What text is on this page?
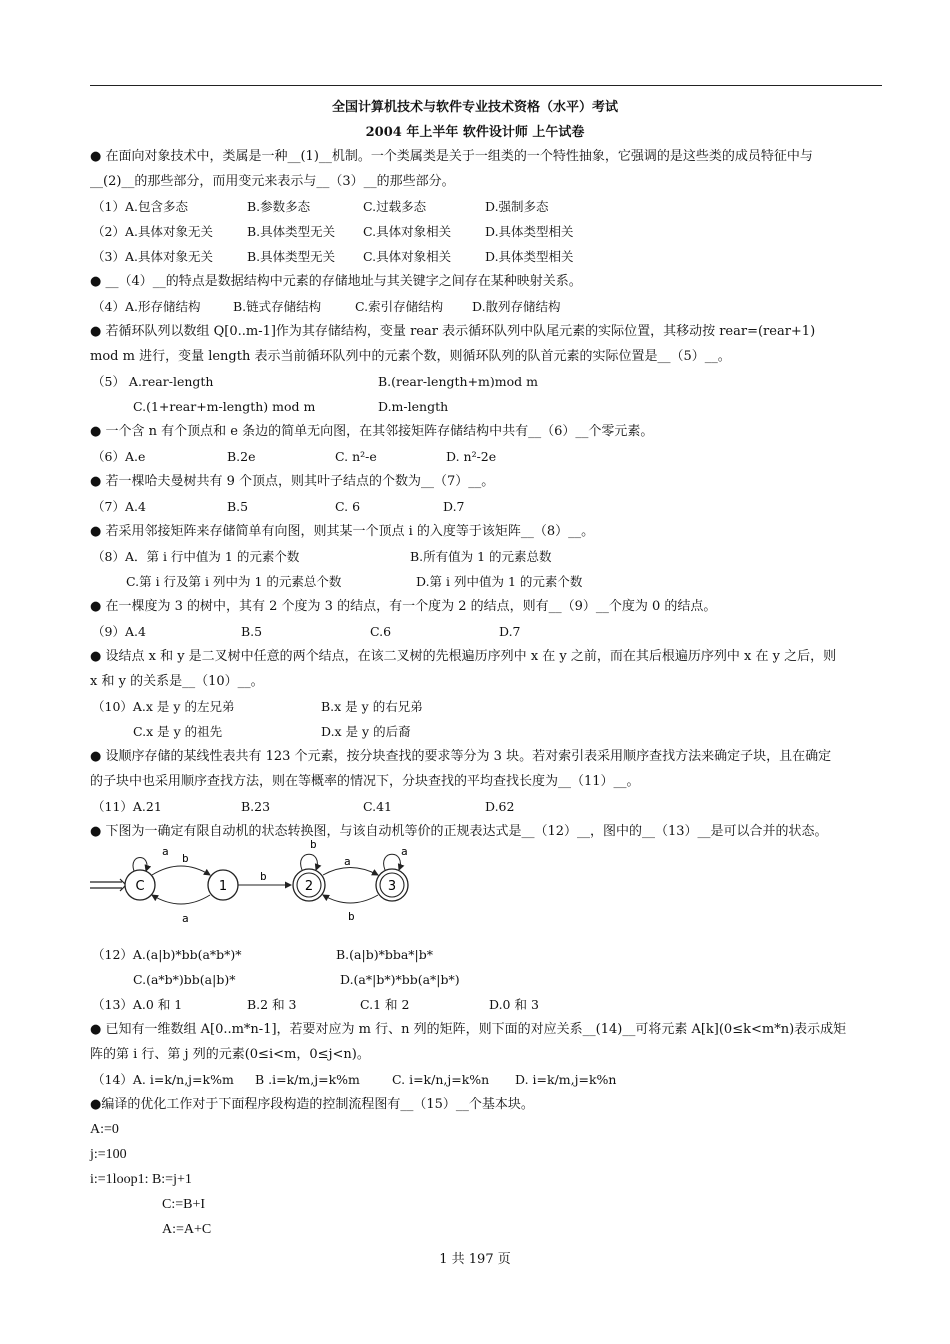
全国计算机技术与软件专业技术资格（水平）考试
2004 年上半年 软件设计师 上午试卷
● 在面向对象技术中，类属是一种__(1)__机制。一个类属类是关于一组类的一个特性抽象，它强调的是这些类的成员特征中与
__(2)__的那些部分，而用变元来表示与__（3）__的那些部分。
（1）A.包含多态	B.参数多态	C.过载多态	D.强制多态
（2）A.具体对象无关	B.具体类型无关 C.具体对象相关	D.具体类型相关
（3）A.具体对象无关	B.具体类型无关 C.具体对象相关	D.具体类型相关
● __（4）__的特点是数据结构中元素的存储地址与其关键字之间存在某种映射关系。
（4）A.形存储结构	B.链式存储结构	C.索引存储结构 D.散列存储结构
● 若循环队列以数组 Q[0..m-1]作为其存储结构，变量 rear 表示循环队列中队尾元素的实际位置，其移动按 rear=(rear+1)
mod m 进行，变量 length 表示当前循环队列中的元素个数，则循环队列的队首元素的实际位置是__（5）__。
（5） A.rear-length	B.(rear-length+m)mod m
C.(1+rear+m-length) mod m	D.m-length
● 一个含 n 有个顶点和 e 条边的简单无向图，在其邻接矩阵存储结构中共有__（6）__个零元素。
（6）A.e	B.2e	C. n²-e	D. n²-2e
● 若一棵哈夫曼树共有 9 个顶点，则其叶子结点的个数为__（7）__。
（7）A.4	B.5	C. 6	D.7
● 若采用邻接矩阵来存储简单有向图，则其某一个顶点 i 的入度等于该矩阵__（8）__。
（8）A．第 i 行中值为 1 的元素个数	B.所有值为 1 的元素总数
C.第 i 行及第 i 列中为 1 的元素总个数	D.第 i 列中值为 1 的元素个数
● 在一棵度为 3 的树中，其有 2 个度为 3 的结点，有一个度为 2 的结点，则有__（9）__个度为 0 的结点。
（9）A.4	B.5	C.6	D.7
● 设结点 x 和 y 是二叉树中任意的两个结点，在该二叉树的先根遍历序列中 x 在 y 之前，而在其后根遍历序列中 x 在 y 之后，则
x 和 y 的关系是__（10）__。
（10）A.x 是 y 的左兄弟	B.x 是 y 的右兄弟
C.x 是 y 的祖先	D.x 是 y 的后裔
● 设顺序存储的某线性表共有 123 个元素，按分块查找的要求等分为 3 块。若对索引表采用顺序查找方法来确定子块，且在确定
的子块中也采用顺序查找方法，则在等概率的情况下，分块查找的平均查找长度为__（11）__。
（11）A.21	B.23	C.41	D.62
● 下图为一确定有限自动机的状态转换图，与该自动机等价的正规表达式是__（12）__，图中的__（13）__是可以合并的状态。
C	1	2	3
a
b
a
b
b
a
b
a
（12）A.(a|b)*bb(a*b*)*	B.(a|b)*bba*|b*
C.(a*b*)bb(a|b)*	D.(a*|b*)*bb(a*|b*)
（13）A.0 和 1	B.2 和 3	C.1 和 2	D.0 和 3
● 已知有一维数组 A[0..m*n-1]，若要对应为 m 行、n 列的矩阵，则下面的对应关系__(14)__可将元素 A[k](0≤k<m*n)表示成矩
阵的第 i 行、第 j 列的元素(0≤i<m，0≤j<n)。
（14）A. i=k/n,j=k%m B .i=k/m,j=k%m	C. i=k/n,j=k%n D. i=k/m,j=k%n
●编译的优化工作对于下面程序段构造的控制流程图有__（15）__个基本块。
A:=0
j:=100
i:=1loop1: B:=j+1
C:=B+I
A:=A+C
1 共 197 页
